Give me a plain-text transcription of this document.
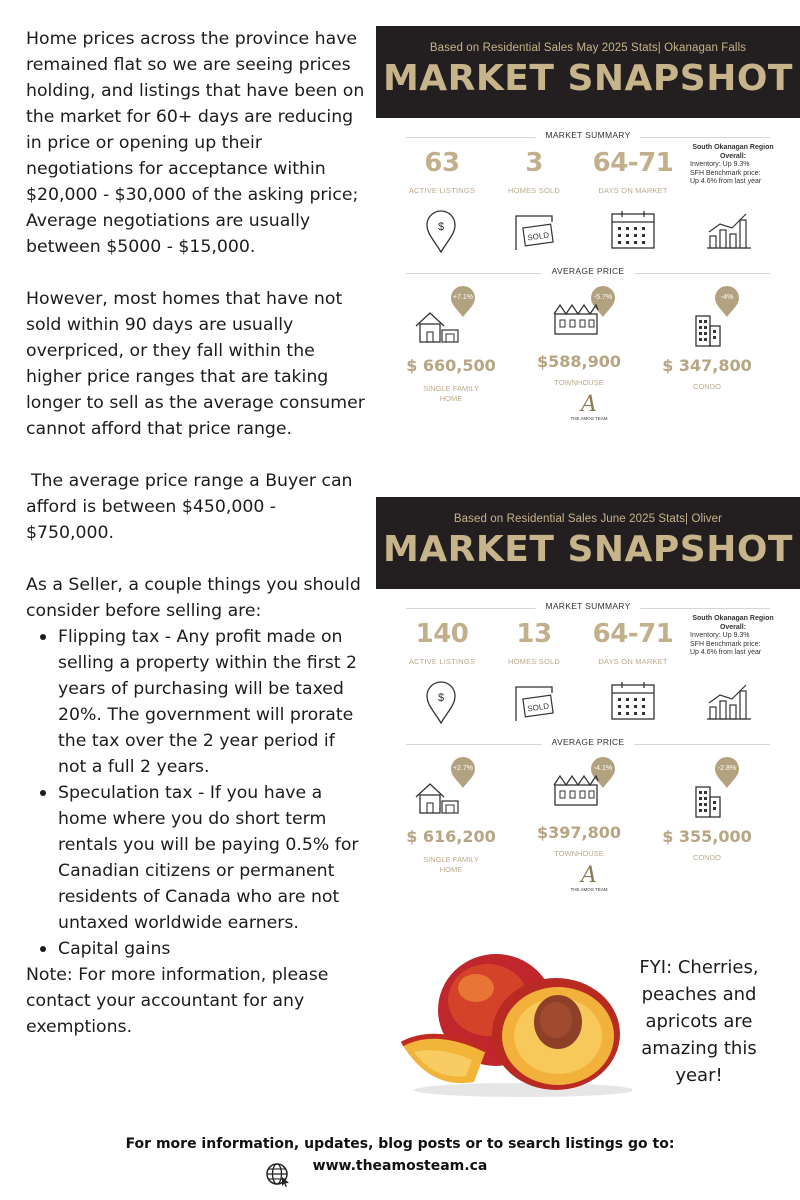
Home prices across the province have remained flat so we are seeing prices holding, and listings that have been on the market for 60+ days are reducing in price or opening up their negotiations for acceptance within $20,000 - $30,000 of the asking price; Average negotiations are usually between $5000 - $15,000.

However, most homes that have not sold within 90 days are usually overpriced, or they fall within the higher price ranges that are taking longer to sell as the average consumer cannot afford that price range.

The average price range a Buyer can afford is between $450,000 - $750,000.

As a Seller, a couple things you should consider before selling are:

Flipping tax - Any profit made on selling a property within the first 2 years of purchasing will be taxed 20%. The government will prorate the tax over the 2 year period if not a full 2 years.
Speculation tax - If you have a home where you do short term rentals you will be paying 0.5% for Canadian citizens or permanent residents of Canada who are not untaxed worldwide earners.
Capital gains

Note: For more information, please contact your accountant for any exemptions.

Based on Residential Sales May 2025 Stats| Okanagan Falls
MARKET SNAPSHOT
MARKET SUMMARY
63
ACTIVE LISTINGS
3
HOMES SOLD
64-71
DAYS ON MARKET
South Okanagan Region Overall:
Inventory: Up 9.3%
SFH Benchmark price:
Up 4.6% from last year
$
SOLD
AVERAGE PRICE
+7.1%
$ 660,500
SINGLE FAMILY
HOME
-5.7%
$588,900
TOWNHOUSE
-4%
$ 347,800
CONDO
A
THE AMOS TEAM
Based on Residential Sales June 2025 Stats| Oliver
MARKET SNAPSHOT
MARKET SUMMARY
140
ACTIVE LISTINGS
13
HOMES SOLD
64-71
DAYS ON MARKET
South Okanagan Region Overall:
Inventory: Up 9.3%
SFH Benchmark price:
Up 4.6% from last year
$
SOLD
AVERAGE PRICE
+2.7%
$ 616,200
SINGLE FAMILY
HOME
-4.1%
$397,800
TOWNHOUSE
-2.8%
$ 355,000
CONDO
A
THE AMOS TEAM
FYI: Cherries, peaches and apricots are amazing this year!
For more information, updates, blog posts or to search listings go to:
www.theamosteam.ca
